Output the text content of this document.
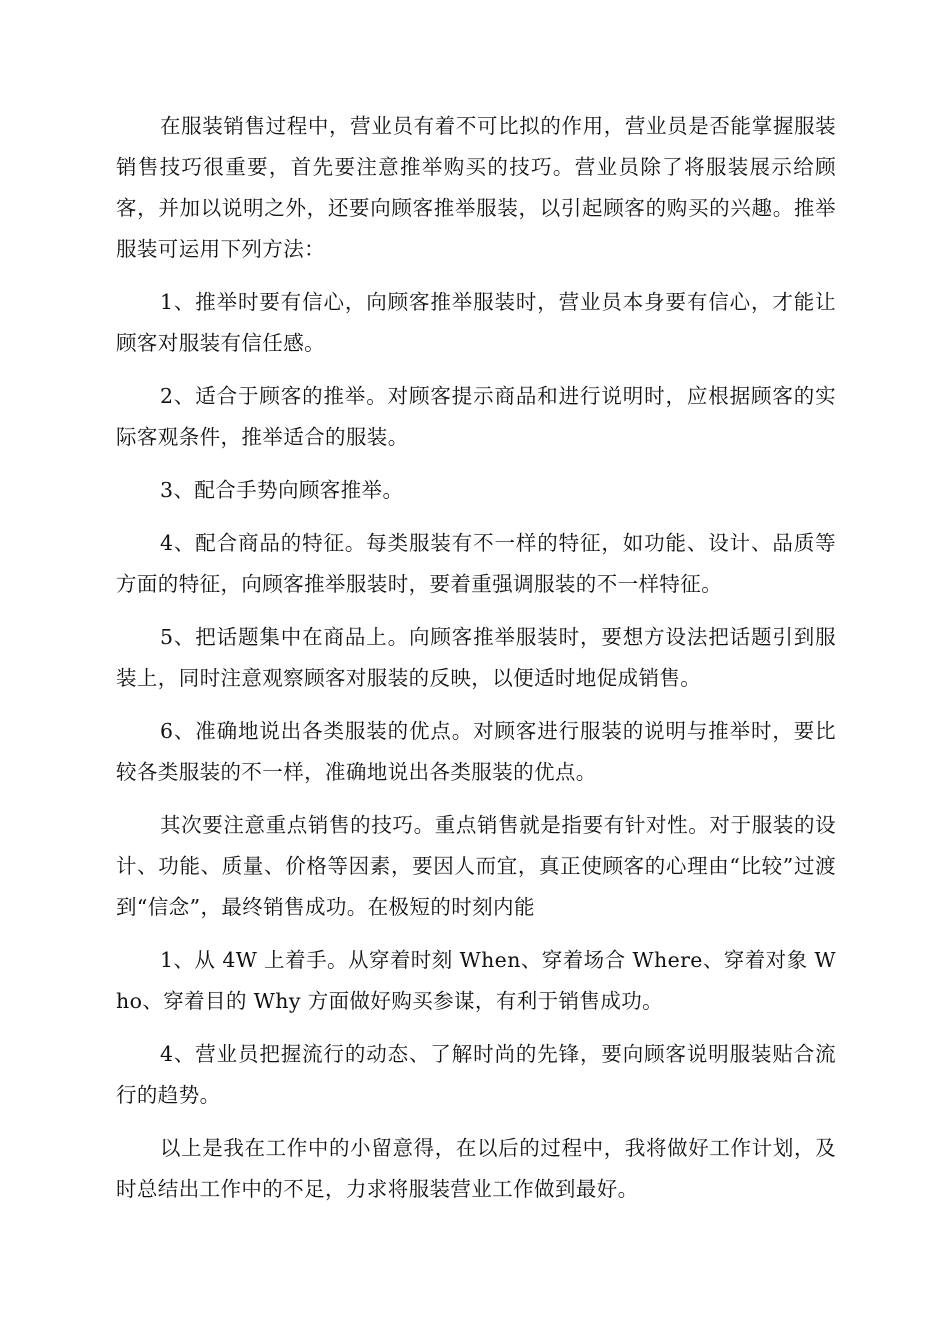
在服装销售过程中，营业员有着不可比拟的作用，营业员是否能掌握服装销售技巧很重要，首先要注意推举购买的技巧。营业员除了将服装展示给顾客，并加以说明之外，还要向顾客推举服装，以引起顾客的购买的兴趣。推举服装可运用下列方法：

1、推举时要有信心，向顾客推举服装时，营业员本身要有信心，才能让顾客对服装有信任感。

2、适合于顾客的推举。对顾客提示商品和进行说明时，应根据顾客的实际客观条件，推举适合的服装。

3、配合手势向顾客推举。

4、配合商品的特征。每类服装有不一样的特征，如功能、设计、品质等方面的特征，向顾客推举服装时，要着重强调服装的不一样特征。

5、把话题集中在商品上。向顾客推举服装时，要想方设法把话题引到服装上，同时注意观察顾客对服装的反映，以便适时地促成销售。

6、准确地说出各类服装的优点。对顾客进行服装的说明与推举时，要比较各类服装的不一样，准确地说出各类服装的优点。

其次要注意重点销售的技巧。重点销售就是指要有针对性。对于服装的设计、功能、质量、价格等因素，要因人而宜，真正使顾客的心理由“比较”过渡到“信念”，最终销售成功。在极短的时刻内能

1、从 4W 上着手。从穿着时刻 When、穿着场合 Where、穿着对象 Who、穿着目的 Why 方面做好购买参谋，有利于销售成功。

4、营业员把握流行的动态、了解时尚的先锋，要向顾客说明服装贴合流行的趋势。

以上是我在工作中的小留意得，在以后的过程中，我将做好工作计划，及时总结出工作中的不足，力求将服装营业工作做到最好。
